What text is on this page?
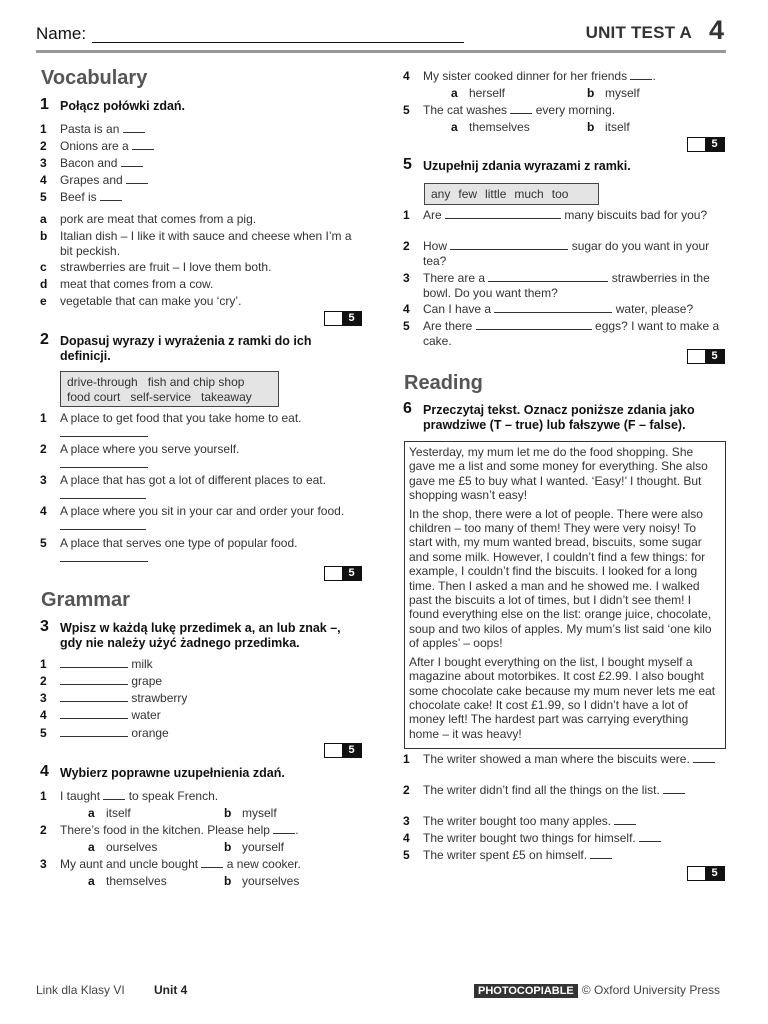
Name:	UNIT TEST A 4
Vocabulary
1 Połącz połówki zdań.
1	Pasta is an
2	Onions are a
3	Bacon and
4	Grapes and
5	Beef is
a	pork are meat that comes from a pig.
b	Italian dish – I like it with sauce and cheese when I’m a bit peckish.
c	strawberries are fruit – I love them both.
d	meat that comes from a cow.
e	vegetable that can make you ‘cry’.
5
2 Dopasuj wyrazy i wyrażenia z ramki do ich definicji.
drive-through   fish and chip shop
food court   self-service   takeaway
1	A place to get food that you take home to eat.

2	A place where you serve yourself.

3	A place that has got a lot of different places to eat.
4	A place where you sit in your car and order your food.
5	A place that serves one type of popular food.

5
Grammar
3 Wpisz w każdą lukę przedimek a, an lub znak –, gdy nie należy użyć żadnego przedimka.
1	milk
2	grape
3	strawberry
4	water
5	orange
5
4 Wybierz poprawne uzupełnienia zdań.
1	I taught to speak French.
a itself	b myself
2	There’s food in the kitchen. Please help .
a ourselves	b yourself
3	My aunt and uncle bought a new cooker.
a themselves	b yourselves
4	My sister cooked dinner for her friends .
a herself	b myself
5	The cat washes every morning.
a themselves	b itself
5
5 Uzupełnij zdania wyrazami z ramki.
any few little much too
1	Are	many biscuits bad for you?
2	How	sugar do you want in your tea?
3	There are a	strawberries in the bowl. Do you want them?
4	Can I have a	water, please?
5	Are there	eggs? I want to make a cake.
5
Reading
6 Przeczytaj tekst. Oznacz poniższe zdania jako prawdziwe (T – true) lub fałszywe (F – false).

Yesterday, my mum let me do the food shopping. She gave me a list and some money for everything. She also gave me £5 to buy what I wanted. ‘Easy!’ I thought. But shopping wasn’t easy!

In the shop, there were a lot of people. There were also children – too many of them! They were very noisy! To start with, my mum wanted bread, biscuits, some sugar and some milk. However, I couldn’t find a few things: for example, I couldn’t find the biscuits. I looked for a long time. Then I asked a man and he showed me. I walked past the biscuits a lot of times, but I didn’t see them! I found everything else on the list: orange juice, chocolate, soup and two kilos of apples. My mum’s list said ‘one kilo of apples’ – oops!

After I bought everything on the list, I bought myself a magazine about motorbikes. It cost £2.99. I also bought some chocolate cake because my mum never lets me eat chocolate cake! It cost £1.99, so I didn’t have a lot of money left! The hardest part was carrying everything home – it was heavy!

1	The writer showed a man where the biscuits were.
2	The writer didn’t find all the things on the list.
3	The writer bought too many apples.
4	The writer bought two things for himself.
5	The writer spent £5 on himself.
5
Link dla Klasy VI Unit 4	PHOTOCOPIABLE © Oxford University Press
